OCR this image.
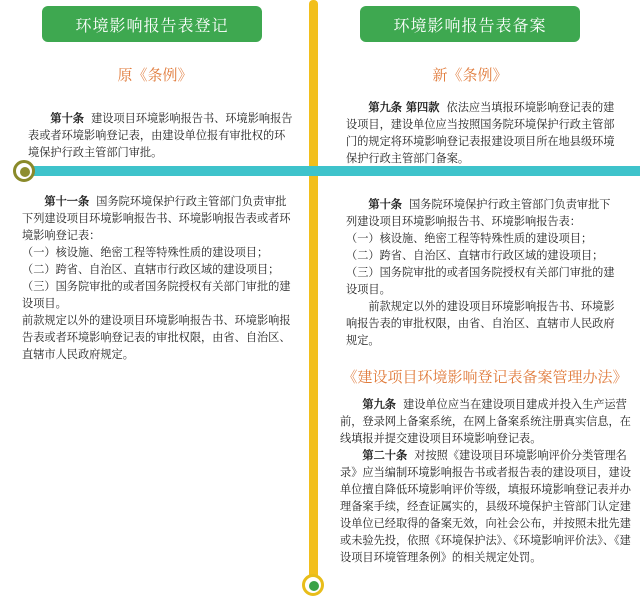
环境影响报告表登记	环境影响报告表备案
原《条例》	新《条例》

第十条 建设项目环境影响报告书、环境影响报告表或者环境影响登记表，由建设单位报有审批权的环境保护行政主管部门审批。

第九条 第四款 依法应当填报环境影响登记表的建设项目，建设单位应当按照国务院环境保护行政主管部门的规定将环境影响登记表报建设项目所在地县级环境保护行政主管部门备案。

第十一条 国务院环境保护行政主管部门负责审批下列建设项目环境影响报告书、环境影响报告表或者环境影响登记表：

（一）核设施、绝密工程等特殊性质的建设项目；

（二）跨省、自治区、直辖市行政区域的建设项目；

（三）国务院审批的或者国务院授权有关部门审批的建设项目。

前款规定以外的建设项目环境影响报告书、环境影响报告表或者环境影响登记表的审批权限，由省、自治区、直辖市人民政府规定。

第十条 国务院环境保护行政主管部门负责审批下列建设项目环境影响报告书、环境影响报告表：

（一）核设施、绝密工程等特殊性质的建设项目；

（二）跨省、自治区、直辖市行政区域的建设项目；

（三）国务院审批的或者国务院授权有关部门审批的建设项目。

前款规定以外的建设项目环境影响报告书、环境影响报告表的审批权限，由省、自治区、直辖市人民政府规定。

《建设项目环境影响登记表备案管理办法》

第九条 建设单位应当在建设项目建成并投入生产运营前，登录网上备案系统，在网上备案系统注册真实信息，在线填报并提交建设项目环境影响登记表。

第二十条 对按照《建设项目环境影响评价分类管理名录》应当编制环境影响报告书或者报告表的建设项目，建设单位擅自降低环境影响评价等级，填报环境影响登记表并办理备案手续，经查证属实的，县级环境保护主管部门认定建设单位已经取得的备案无效，向社会公布，并按照未批先建或未验先投，依照《环境保护法》、《环境影响评价法》、《建设项目环境管理条例》的相关规定处罚。
